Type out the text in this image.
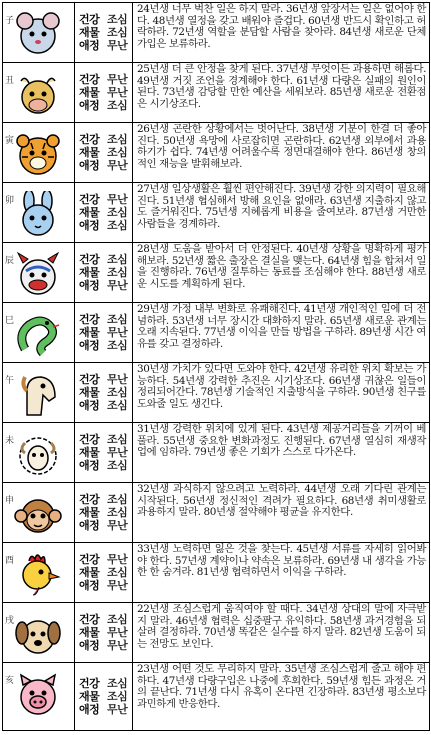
子	건강 조심
재물 조심
애정 무난
24년생 너무 벅찬 일은 하지 말라. 36년생 앞장서는 일은 없어야 한다. 48년생 열정을 갖고 배워야 즐겁다. 60년생 반드시 확인하고 허락하라. 72년생 역할을 분담할 사람을 찾아라. 84년생 새로운 단체 가입은 보류하라.
丑	건강 무난
재물 무난
애정 조심
25년생 더 큰 안정을 찾게 된다. 37년생 무엇이든 과용하면 해롭다. 49년생 거짓 조언을 경계해야 한다. 61년생 다량은 실패의 원인이 된다. 73년생 감당할 만한 예산을 세워보라. 85년생 새로운 전환점은 시기상조다.
寅	건강 조심
재물 조심
애정 무난
26년생 곤란한 상황에서는 벗어난다. 38년생 기분이 한결 더 좋아진다. 50년생 욕망에 사로잡히면 곤란하다. 62년생 외부에서 과용하기가 쉽다. 74년생 어려울수록 정면대결해야 한다. 86년생 창의적인 재능을 발휘해보라.
卯	건강 무난
재물 조심
애정 조심
27년생 일상생활은 훨씬 편안해진다. 39년생 강한 의지력이 필요해진다. 51년생 협심해서 방해 요인을 없애라. 63년생 지출하지 않고도 즐거워진다. 75년생 지혜롭게 비용을 줄여보라. 87년생 거만한 사람들을 경계하라.
辰	건강 조심
재물 조심
애정 무난
28년생 도움을 받아서 더 안정된다. 40년생 상황을 명확하게 평가해보라. 52년생 짧은 출장은 결실을 맺는다. 64년생 힘을 합쳐서 일을 진행하라. 76년생 질투하는 동료를 조심해야 한다. 88년생 새로운 시도를 계획하게 된다.
巳	건강 조심
재물 무난
애정 조심
29년생 가정 내부 변화로 유쾌해진다. 41년생 개인적인 일에 더 전념하라. 53년생 너무 장시간 대화하지 말라. 65년생 새로운 관계는 오래 지속된다. 77년생 이익을 만들 방법을 구하라. 89년생 시간 여유를 갖고 결정하라.
午	건강 무난
재물 조심
애정 조심
30년생 가치가 있다면 도와야 한다. 42년생 유리한 위치 확보는 가능하다. 54년생 강력한 추진은 시기상조다. 66년생 귀찮은 일들이 정리되어간다. 78년생 기술적인 지출방식을 구하라. 90년생 친구를 도와줄 일도 생긴다.
未	건강 조심
재물 무난
애정 조심
31년생 강력한 위치에 있게 된다. 43년생 제공거리들을 기꺼이 베풀라. 55년생 중요한 변화과정도 진행된다. 67년생 열심히 재생작업에 임하라. 79년생 좋은 기회가 스스로 다가온다.
申	건강 조심
재물 조심
애정 무난
32년생 과식하지 않으려고 노력하라. 44년생 오래 기다린 관계는 시작된다. 56년생 정신적인 격려가 필요하다. 68년생 취미생활로 과용하지 말라. 80년생 절약해야 평균을 유지한다.
酉	건강 무난
재물 조심
애정 무난
33년생 노력하면 잃은 것을 찾는다. 45년생 서류를 자세히 읽어봐야 한다. 57년생 계약이나 약속은 보류하라. 69년생 내 생각을 가능한 한 숨겨라. 81년생 협력하면서 이익을 구하라.
戌	건강 조심
재물 무난
애정 무난
22년생 조심스럽게 움직여야 할 때다. 34년생 상대의 말에 자극받지 말라. 46년생 협력은 십중팔구 유익하다. 58년생 과거경험을 되살려 결정하라. 70년생 똑같은 실수를 하지 말라. 82년생 도움이 되는 전망도 보인다.
亥	건강 조심
재물 조심
애정 무난
23년생 어떤 것도 무리하지 말라. 35년생 조심스럽게 줄고 해야 편하다. 47년생 다량구입은 나중에 후회한다. 59년생 힘든 과정은 거의 끝난다. 71년생 다시 유혹이 온다면 긴장하라. 83년생 평소보다 과민하게 반응한다.
